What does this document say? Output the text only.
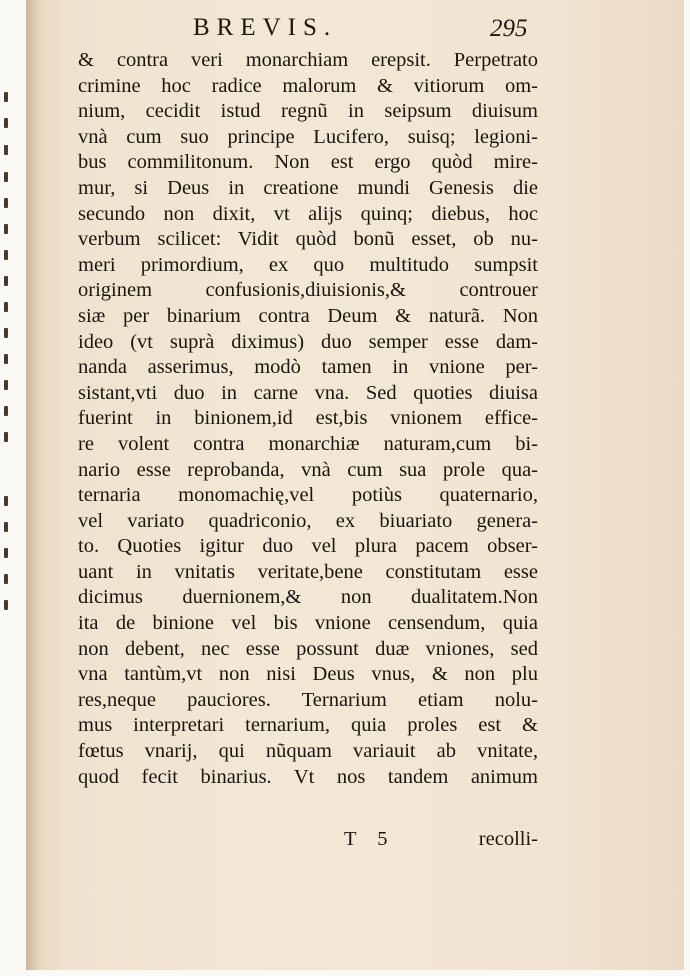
BREVIS.	295
& contra veri monarchiam erepsit. Perpetrato
crimine hoc radice malorum & vitiorum om-
nium, cecidit istud regnũ in seipsum diuisum
vnà cum suo principe Lucifero, suisq; legioni-
bus commilitonum. Non est ergo quòd mire-
mur, si Deus in creatione mundi Genesis die
secundo non dixit, vt alijs quinq; diebus, hoc
verbum scilicet: Vidit quòd bonũ esset, ob nu-
meri primordium, ex quo multitudo sumpsit
originem confusionis,diuisionis,& controuer
siæ per binarium contra Deum & naturã. Non
ideo (vt suprà diximus) duo semper esse dam-
nanda asserimus, modò tamen in vnione per-
sistant,vti duo in carne vna. Sed quoties diuisa
fuerint in binionem,id est,bis vnionem effice-
re volent contra monarchiæ naturam,cum bi-
nario esse reprobanda, vnà cum sua prole qua-
ternaria monomachię,vel potiùs quaternario,
vel variato quadriconio, ex biuariato genera-
to. Quoties igitur duo vel plura pacem obser-
uant in vnitatis veritate,bene constitutam esse
dicimus duernionem,& non dualitatem.Non
ita de binione vel bis vnione censendum, quia
non debent, nec esse possunt duæ vniones, sed
vna tantùm,vt non nisi Deus vnus, & non plu
res,neque pauciores. Ternarium etiam nolu-
mus interpretari ternarium, quia proles est &
fœtus vnarij, qui nũquam variauit ab vnitate,
quod fecit binarius. Vt nos tandem animum
T 5	recolli-
